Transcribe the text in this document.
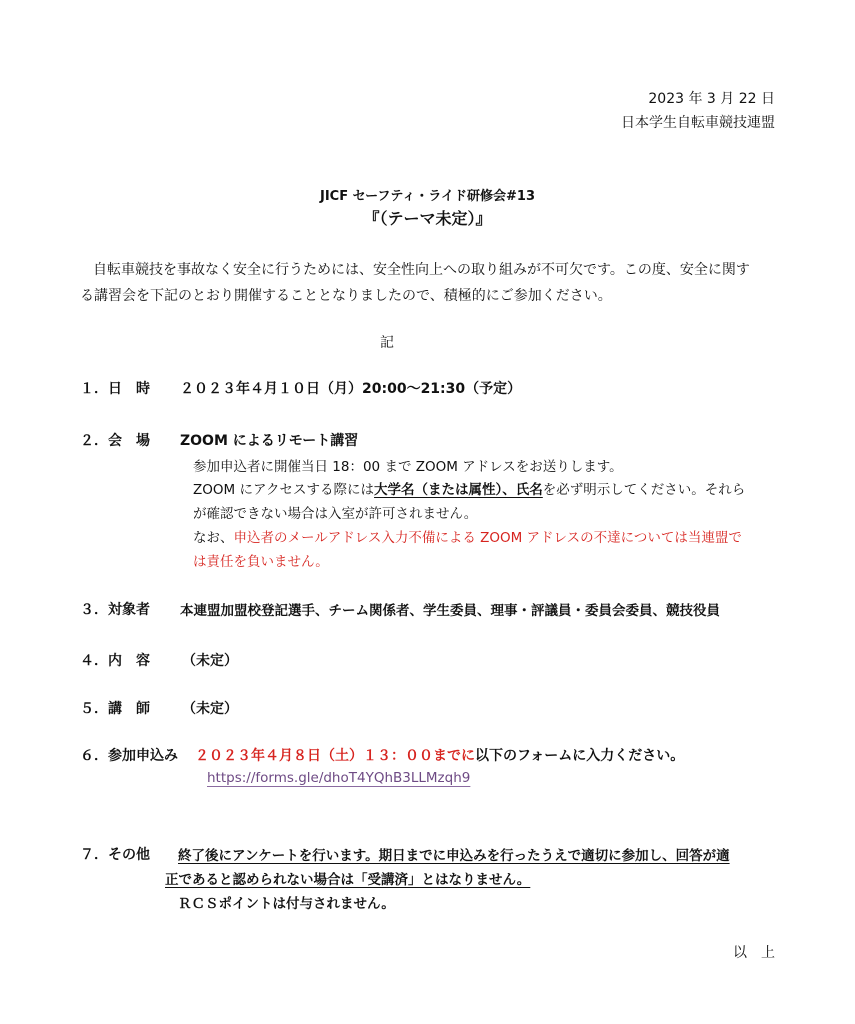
2023 年 3 月 22 日
日本学生自転車競技連盟
JICF セーフティ・ライド研修会#13
『（テーマ未定）』
自転車競技を事故なく安全に行うためには、安全性向上への取り組みが不可欠です。この度、安全に関す
る講習会を下記のとおり開催することとなりましたので、積極的にご参加ください。
記
１．日　時 ２０２３年４月１０日（月）20:00～21:30（予定）
２．会　場 ZOOM によるリモート講習
参加申込者に開催当日 18：00 まで ZOOM アドレスをお送りします。
ZOOM にアクセスする際には大学名（または属性）、氏名を必ず明示してください。それら
が確認できない場合は入室が許可されません。
なお、申込者のメールアドレス入力不備による ZOOM アドレスの不達については当連盟で
は責任を負いません。
３．対象者 本連盟加盟校登記選手、チーム関係者、学生委員、理事・評議員・委員会委員、競技役員
４．内　容 （未定）
５．講　師 （未定）
６．参加申込み ２０２３年４月８日（土）１３：００までに以下のフォームに入力ください。
https://forms.gle/dhoT4YQhB3LLMzqh9
７．その他 終了後にアンケートを行います。期日までに申込みを行ったうえで適切に参加し、回答が適
正であると認められない場合は「受講済」とはなりません。
ＲＣＳポイントは付与されません。
以　上
